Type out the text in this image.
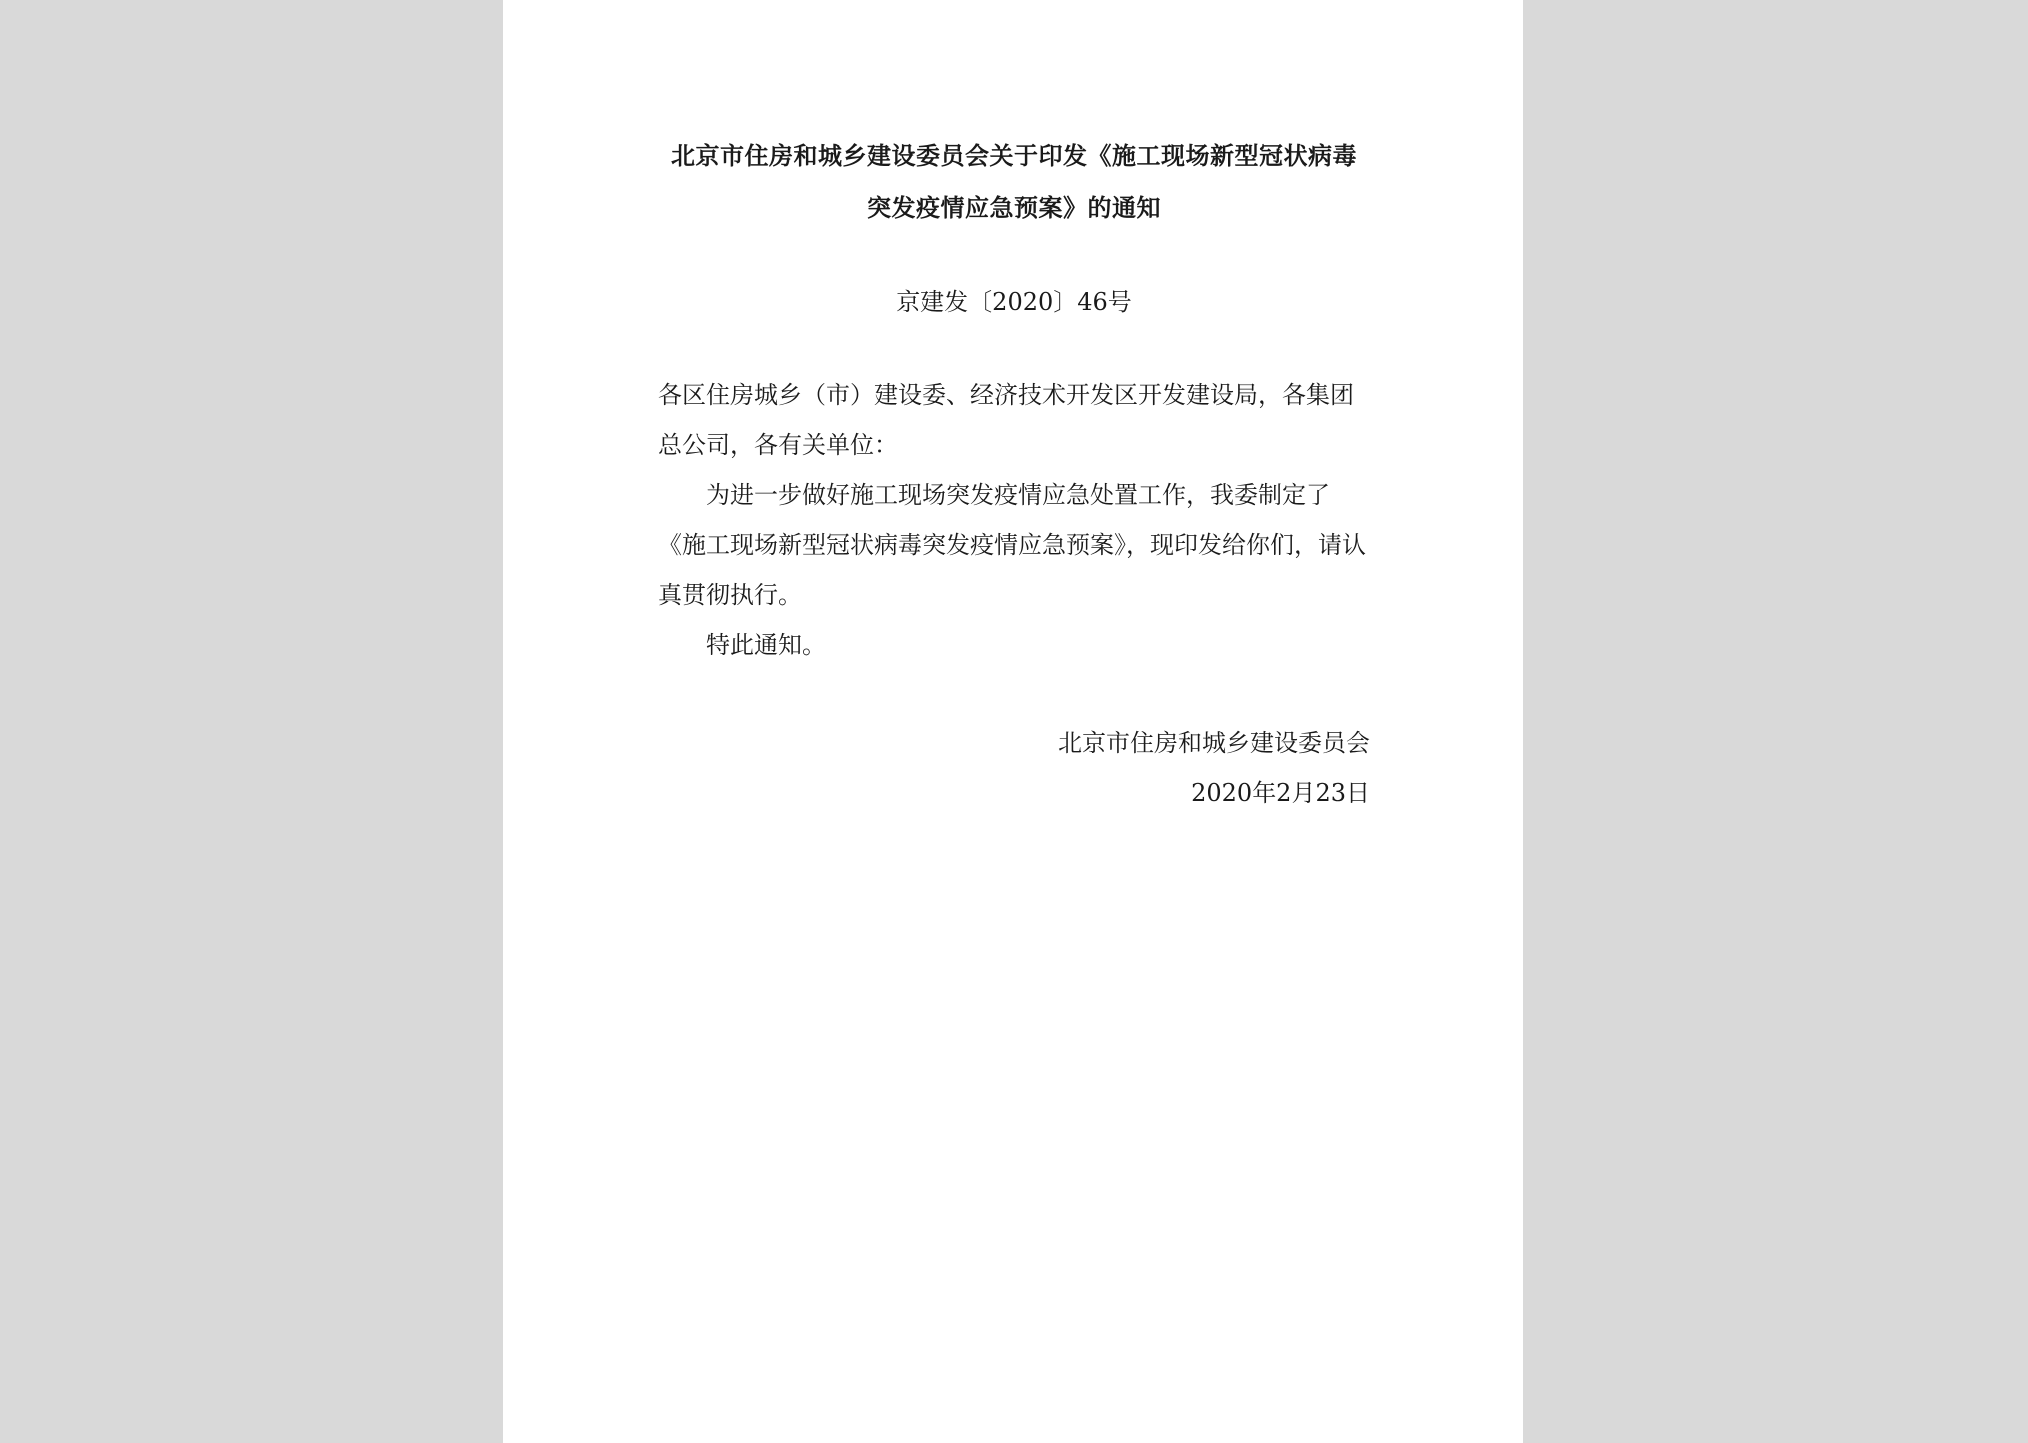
北京市住房和城乡建设委员会关于印发《施工现场新型冠状病毒

突发疫情应急预案》的通知

京建发〔2020〕46号

各区住房城乡（市）建设委、经济技术开发区开发建设局，各集团总公司，各有关单位：

为进一步做好施工现场突发疫情应急处置工作，我委制定了《施工现场新型冠状病毒突发疫情应急预案》，现印发给你们，请认真贯彻执行。

特此通知。

北京市住房和城乡建设委员会

2020年2月23日
